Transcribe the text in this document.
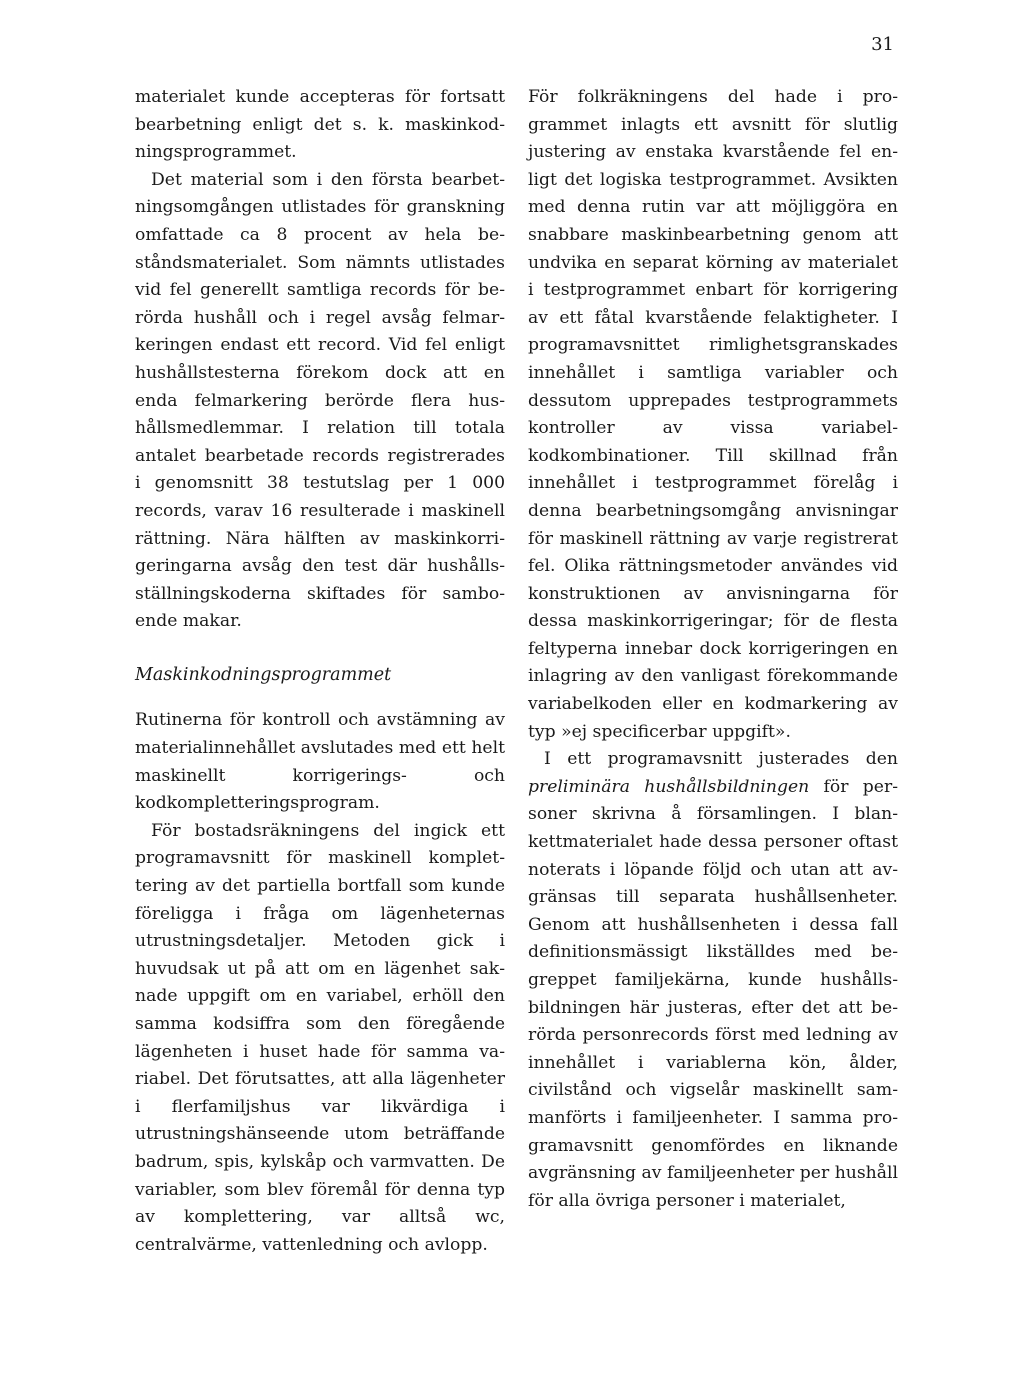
31

materialet kunde accepteras för fortsatt bearbetning enligt det s. k. maskinkodningsprogrammet.

Det material som i den första bearbetningsomgången utlistades för granskning omfattade ca 8 procent av hela beståndsmaterialet. Som nämnts utlistades vid fel generellt samtliga records för berörda hushåll och i regel avsåg felmarkeringen endast ett record. Vid fel enligt hushållstesterna förekom dock att en enda felmarkering berörde flera hushållsmedlemmar. I relation till totala antalet bearbetade records registrerades i genomsnitt 38 testutslag per 1 000 records, varav 16 resulterade i maskinell rättning. Nära hälften av maskinkorrigeringarna avsåg den test där hushållsställningskoderna skiftades för samboende makar.

Maskinkodningsprogrammet

Rutinerna för kontroll och avstämning av materialinnehållet avslutades med ett helt maskinellt korrigerings- och kodkompletteringsprogram.

För bostadsräkningens del ingick ett programavsnitt för maskinell komplettering av det partiella bortfall som kunde föreligga i fråga om lägenheternas utrustningsdetaljer. Metoden gick i huvudsak ut på att om en lägenhet saknade uppgift om en variabel, erhöll den samma kodsiffra som den föregående lägenheten i huset hade för samma variabel. Det förutsattes, att alla lägenheter i flerfamiljshus var likvärdiga i utrustningshänseende utom beträffande badrum, spis, kylskåp och varmvatten. De variabler, som blev föremål för denna typ av komplettering, var alltså wc, centralvärme, vattenledning och avlopp.

För folkräkningens del hade i programmet inlagts ett avsnitt för slutlig justering av enstaka kvarstående fel enligt det logiska testprogrammet. Avsikten med denna rutin var att möjliggöra en snabbare maskinbearbetning genom att undvika en separat körning av materialet i testprogrammet enbart för korrigering av ett fåtal kvarstående felaktigheter. I programavsnittet rimlighetsgranskades innehållet i samtliga variabler och dessutom upprepades testprogrammets kontroller av vissa variabelkodkombinationer. Till skillnad från innehållet i testprogrammet förelåg i denna bearbetningsomgång anvisningar för maskinell rättning av varje registrerat fel. Olika rättningsmetoder användes vid konstruktionen av anvisningarna för dessa maskinkorrigeringar; för de flesta feltyperna innebar dock korrigeringen en inlagring av den vanligast förekommande variabelkoden eller en kodmarkering av typ »ej specificerbar uppgift».

I ett programavsnitt justerades den preliminära hushållsbildningen för personer skrivna å församlingen. I blankettmaterialet hade dessa personer oftast noterats i löpande följd och utan att avgränsas till separata hushållsenheter. Genom att hushållsenheten i dessa fall definitionsmässigt likställdes med begreppet familjekärna, kunde hushållsbildningen här justeras, efter det att berörda personrecords först med ledning av innehållet i variablerna kön, ålder, civilstånd och vigselår maskinellt sammanförts i familjeenheter. I samma programavsnitt genomfördes en liknande avgränsning av familjeenheter per hushåll för alla övriga personer i materialet,
